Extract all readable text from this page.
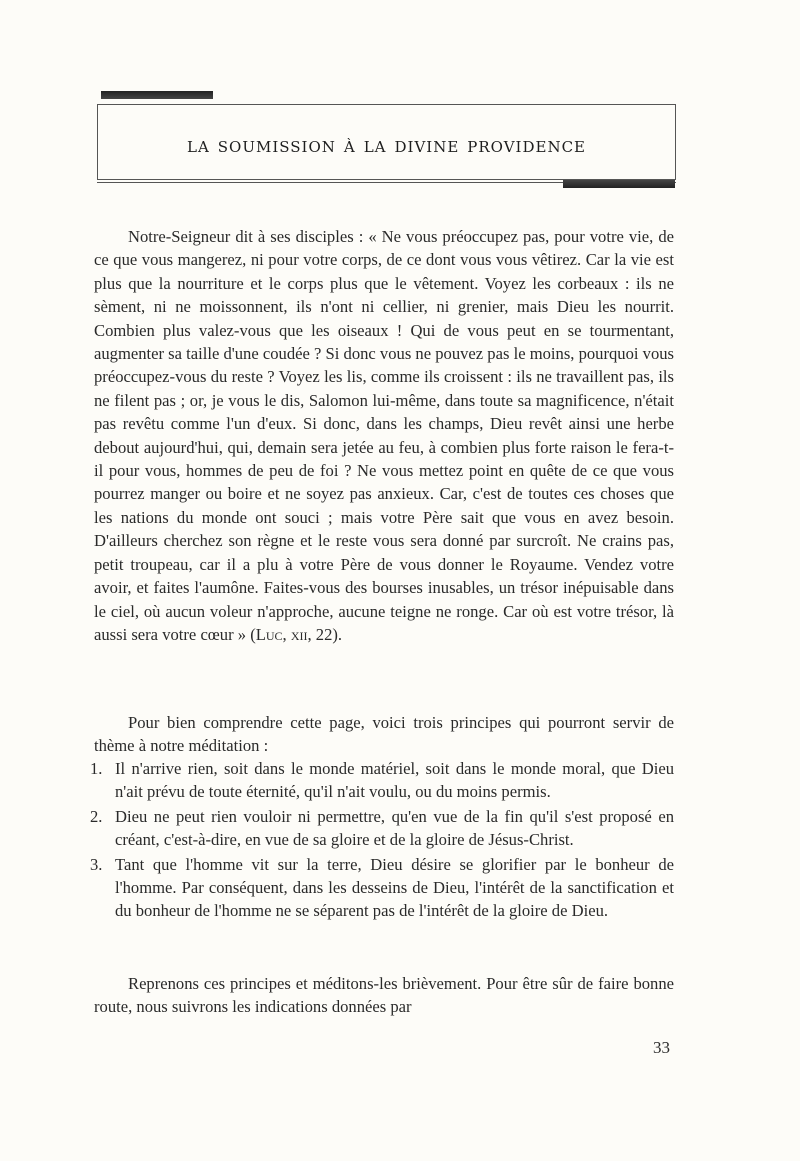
la soumission à la divine providence

Notre-Seigneur dit à ses disciples : « Ne vous préoccupez pas, pour votre vie, de ce que vous mangerez, ni pour votre corps, de ce dont vous vous vêtirez. Car la vie est plus que la nourriture et le corps plus que le vêtement. Voyez les corbeaux : ils ne sèment, ni ne moissonnent, ils n'ont ni cellier, ni grenier, mais Dieu les nourrit. Combien plus valez-vous que les oiseaux ! Qui de vous peut en se tourmentant, augmenter sa taille d'une coudée ? Si donc vous ne pouvez pas le moins, pourquoi vous préoccupez-vous du reste ? Voyez les lis, comme ils croissent : ils ne travaillent pas, ils ne filent pas ; or, je vous le dis, Salomon lui-même, dans toute sa magnificence, n'était pas revêtu comme l'un d'eux. Si donc, dans les champs, Dieu revêt ainsi une herbe debout aujourd'hui, qui, demain sera jetée au feu, à combien plus forte raison le fera-t-il pour vous, hommes de peu de foi ? Ne vous mettez point en quête de ce que vous pourrez manger ou boire et ne soyez pas anxieux. Car, c'est de toutes ces choses que les nations du monde ont souci ; mais votre Père sait que vous en avez besoin. D'ailleurs cherchez son règne et le reste vous sera donné par surcroît. Ne crains pas, petit troupeau, car il a plu à votre Père de vous donner le Royaume. Vendez votre avoir, et faites l'aumône. Faites-vous des bourses inusables, un trésor inépuisable dans le ciel, où aucun voleur n'approche, aucune teigne ne ronge. Car où est votre trésor, là aussi sera votre cœur » (Luc, xii, 22).

Pour bien comprendre cette page, voici trois principes qui pourront servir de thème à notre méditation :

1. Il n'arrive rien, soit dans le monde matériel, soit dans le monde moral, que Dieu n'ait prévu de toute éternité, qu'il n'ait voulu, ou du moins permis.
2. Dieu ne peut rien vouloir ni permettre, qu'en vue de la fin qu'il s'est proposé en créant, c'est-à-dire, en vue de sa gloire et de la gloire de Jésus-Christ.
3. Tant que l'homme vit sur la terre, Dieu désire se glorifier par le bonheur de l'homme. Par conséquent, dans les desseins de Dieu, l'intérêt de la sanctification et du bonheur de l'homme ne se séparent pas de l'intérêt de la gloire de Dieu.

Reprenons ces principes et méditons-les brièvement. Pour être sûr de faire bonne route, nous suivrons les indications données par

33
